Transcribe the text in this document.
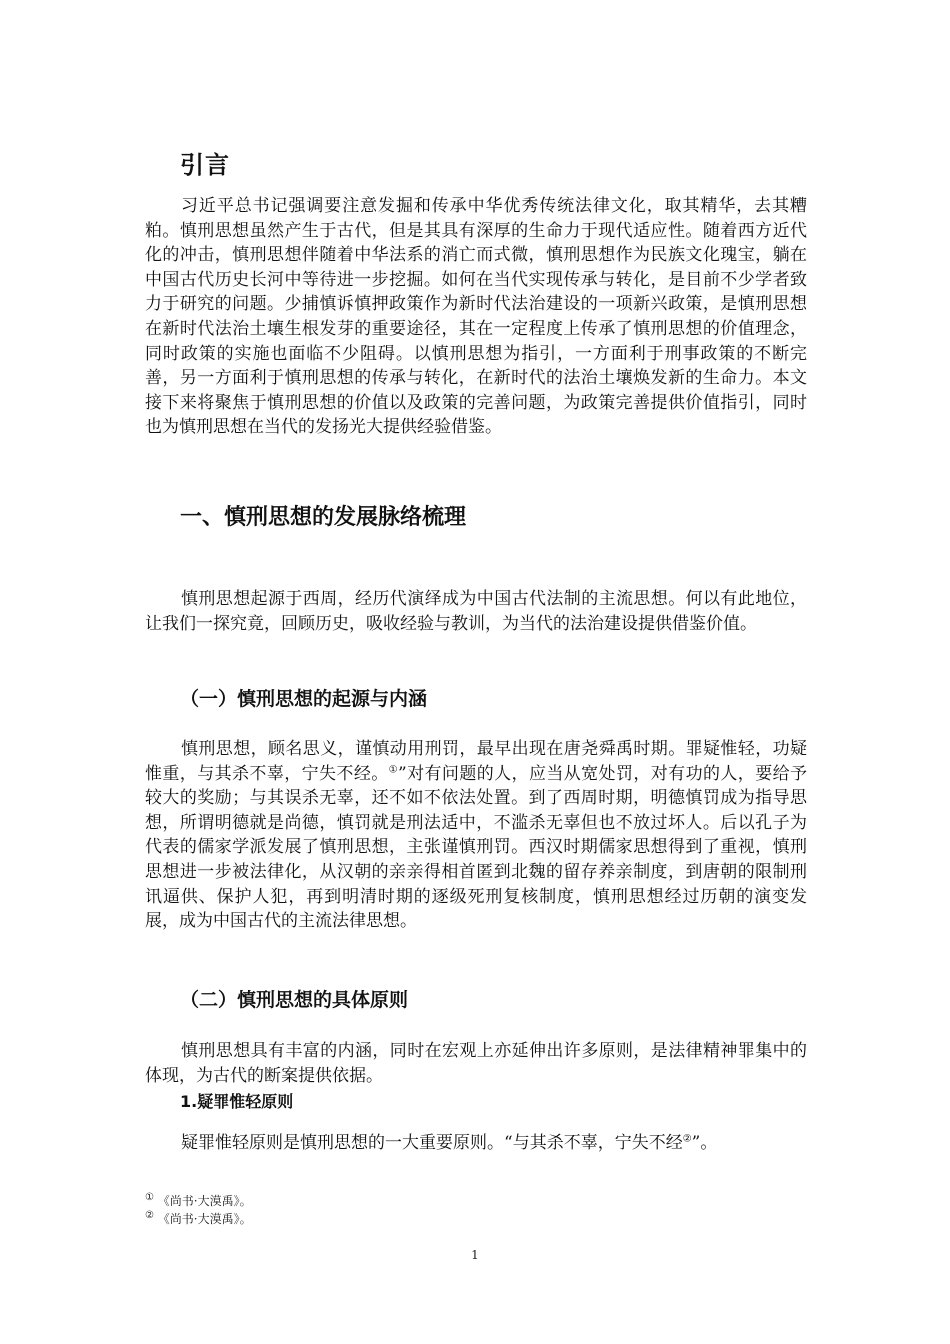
引言
习近平总书记强调要注意发掘和传承中华优秀传统法律文化，取其精华，去其糟粕。慎刑思想虽然产生于古代，但是其具有深厚的生命力于现代适应性。随着西方近代化的冲击，慎刑思想伴随着中华法系的消亡而式微，慎刑思想作为民族文化瑰宝，躺在中国古代历史长河中等待进一步挖掘。如何在当代实现传承与转化，是目前不少学者致力于研究的问题。少捕慎诉慎押政策作为新时代法治建设的一项新兴政策，是慎刑思想在新时代法治土壤生根发芽的重要途径，其在一定程度上传承了慎刑思想的价值理念，同时政策的实施也面临不少阻碍。以慎刑思想为指引，一方面利于刑事政策的不断完善，另一方面利于慎刑思想的传承与转化，在新时代的法治土壤焕发新的生命力。本文接下来将聚焦于慎刑思想的价值以及政策的完善问题，为政策完善提供价值指引，同时也为慎刑思想在当代的发扬光大提供经验借鉴。
一、慎刑思想的发展脉络梳理
慎刑思想起源于西周，经历代演绎成为中国古代法制的主流思想。何以有此地位，让我们一探究竟，回顾历史，吸收经验与教训，为当代的法治建设提供借鉴价值。
（一）慎刑思想的起源与内涵
慎刑思想，顾名思义，谨慎动用刑罚，最早出现在唐尧舜禹时期。罪疑惟轻，功疑惟重，与其杀不辜，宁失不经。①”对有问题的人，应当从宽处罚，对有功的人，要给予较大的奖励；与其误杀无辜，还不如不依法处置。到了西周时期，明德慎罚成为指导思想，所谓明德就是尚德，慎罚就是刑法适中，不滥杀无辜但也不放过坏人。后以孔子为代表的儒家学派发展了慎刑思想，主张谨慎刑罚。西汉时期儒家思想得到了重视，慎刑思想进一步被法律化，从汉朝的亲亲得相首匿到北魏的留存养亲制度，到唐朝的限制刑讯逼供、保护人犯，再到明清时期的逐级死刑复核制度，慎刑思想经过历朝的演变发展，成为中国古代的主流法律思想。
（二）慎刑思想的具体原则
慎刑思想具有丰富的内涵，同时在宏观上亦延伸出许多原则，是法律精神罪集中的体现，为古代的断案提供依据。
1.疑罪惟轻原则
疑罪惟轻原则是慎刑思想的一大重要原则。“与其杀不辜，宁失不经②”。
① 《尚书·大漠禹》。
② 《尚书·大漠禹》。
1
